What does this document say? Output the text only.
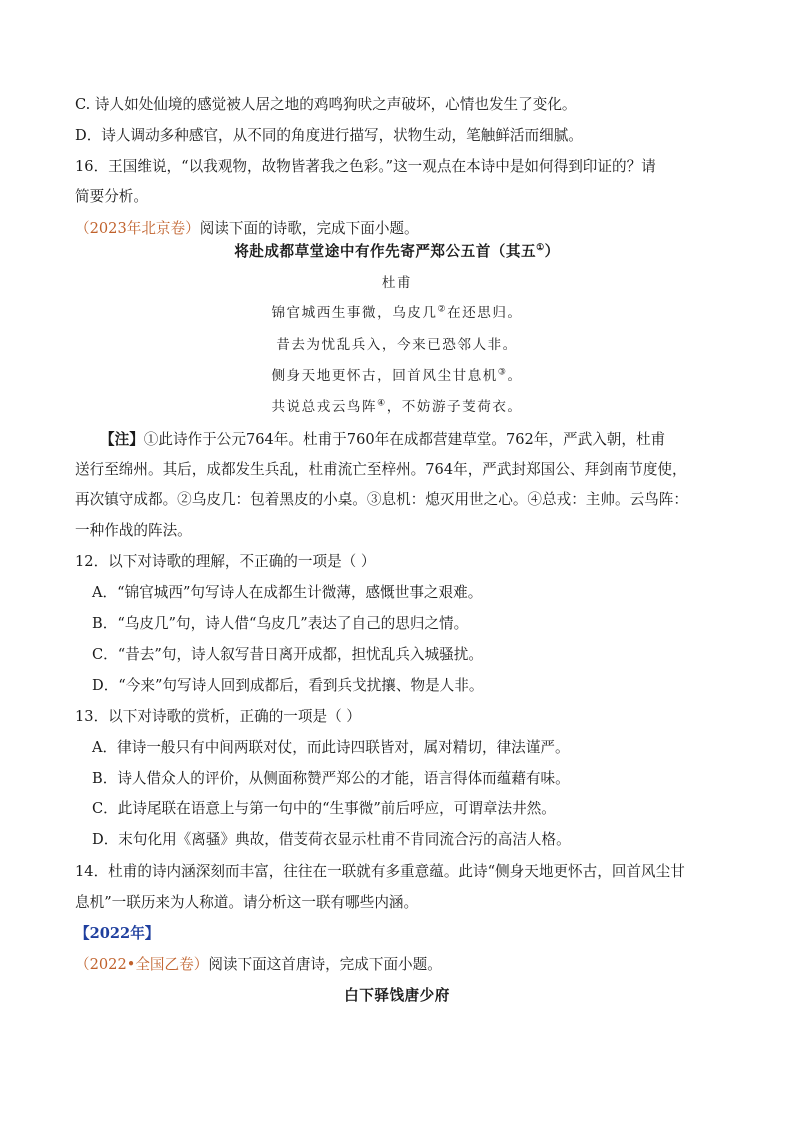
C. 诗人如处仙境的感觉被人居之地的鸡鸣狗吠之声破坏，心情也发生了变化。
D．诗人调动多种感官，从不同的角度进行描写，状物生动，笔触鲜活而细腻。
16．王国维说，“以我观物，故物皆著我之色彩。”这一观点在本诗中是如何得到印证的？请
简要分析。
（2023年北京卷）阅读下面的诗歌，完成下面小题。
将赴成都草堂途中有作先寄严郑公五首（其五①）
杜甫
锦官城西生事微，乌皮几②在还思归。
昔去为忧乱兵入，今来已恐邻人非。
侧身天地更怀古，回首风尘甘息机③。
共说总戎云鸟阵④，不妨游子芰荷衣。
【注】①此诗作于公元764年。杜甫于760年在成都营建草堂。762年，严武入朝，杜甫
送行至绵州。其后，成都发生兵乱，杜甫流亡至梓州。764年，严武封郑国公、拜剑南节度使，
再次镇守成都。②乌皮几：包着黑皮的小桌。③息机：熄灭用世之心。④总戎：主帅。云鸟阵：
一种作战的阵法。
12．以下对诗歌的理解，不正确的一项是（ ）
A．“锦官城西”句写诗人在成都生计微薄，感慨世事之艰难。
B．“乌皮几”句，诗人借“乌皮几”表达了自己的思归之情。
C．“昔去”句，诗人叙写昔日离开成都，担忧乱兵入城骚扰。
D．“今来”句写诗人回到成都后，看到兵戈扰攘、物是人非。
13．以下对诗歌的赏析，正确的一项是（ ）
A．律诗一般只有中间两联对仗，而此诗四联皆对，属对精切，律法谨严。
B．诗人借众人的评价，从侧面称赞严郑公的才能，语言得体而蕴藉有味。
C．此诗尾联在语意上与第一句中的“生事微”前后呼应，可谓章法井然。
D．末句化用《离骚》典故，借芰荷衣显示杜甫不肯同流合污的高洁人格。
14．杜甫的诗内涵深刻而丰富，往往在一联就有多重意蕴。此诗“侧身天地更怀古，回首风尘甘
息机”一联历来为人称道。请分析这一联有哪些内涵。
【2022年】
（2022•全国乙卷）阅读下面这首唐诗，完成下面小题。
白下驿饯唐少府
